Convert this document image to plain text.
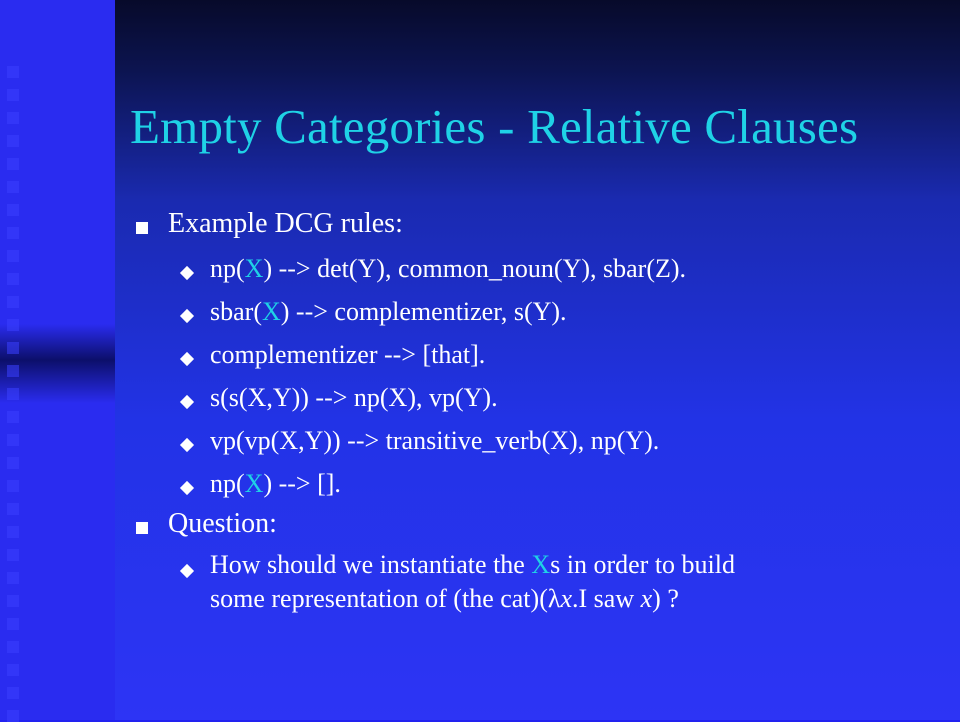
Empty Categories - Relative Clauses
Example DCG rules:
np(X) --> det(Y), common_noun(Y), sbar(Z).
sbar(X) --> complementizer, s(Y).
complementizer --> [that].
s(s(X,Y)) --> np(X), vp(Y).
vp(vp(X,Y)) --> transitive_verb(X), np(Y).
np(X) --> [].
Question:
How should we instantiate the Xs in order to build
some representation of (the cat)(λx.I saw x) ?
